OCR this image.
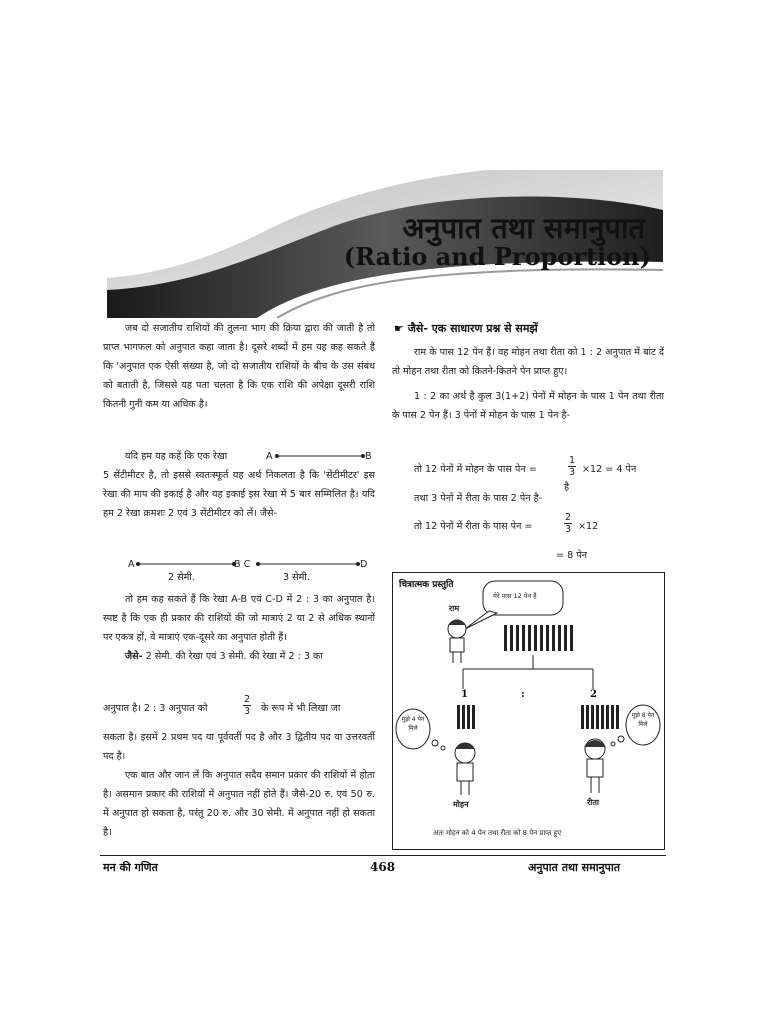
अनुपात तथा समानुपात
(Ratio and Proportion)

जब दो सजातीय राशियों की तुलना भाग की क्रिया द्वारा की जाती है तो प्राप्त भागफल को अनुपात कहा जाता है। दूसरे शब्दों में हम यह कह सकते हैं कि 'अनुपात एक ऐसी संख्या है, जो दो सजातीय राशियों के बीच के उस संबंध को बताती है, जिससे यह पता चलता है कि एक राशि की अपेक्षा दूसरी राशि कितनी गुनी कम या अधिक है।

यदि हम यह कहें कि एक रेखा	A	B

5 सेंटीमीटर है, तो इससे स्वतःस्फूर्त यह अर्थ निकलता है कि 'सेंटीमीटर' इस रेखा की माप की इकाई है और यह इकाई इस रेखा में 5 बार सम्मिलित है। यदि हम 2 रेखा क्रमशः 2 एवं 3 सेंटीमीटर को लें। जैसे-

A	B C	D
2 सेमी.	3 सेमी.

तो हम कह सकते हैं कि रेखा A-B एवं C-D में 2 : 3 का अनुपात है। स्पष्ट है कि एक ही प्रकार की राशियों की जो मात्राएं 2 या 2 से अधिक स्थानों पर एकत्र हों, वे मात्राएं एक-दूसरे का अनुपात होती हैं।

जैसे- 2 सेमी. की रेखा एवं 3 सेमी. की रेखा में 2 : 3 का

अनुपात है। 2 : 3 अनुपात को	$\frac{2}{3}$ के रूप में भी लिखा जा

सकता है। इसमें 2 प्रथम पद या पूर्ववर्ती पद है और 3 द्वितीय पद या उत्तरवर्ती पद है।

एक बात और जान लें कि अनुपात सदैव समान प्रकार की राशियों में होता है। असमान प्रकार की राशियों में अनुपात नहीं होते हैं। जैसे-20 रु. एवं 50 रु. में अनुपात हो सकता है, परंतु 20 रु. और 30 सेमी. में अनुपात नहीं हो सकता है।

☛ जैसे- एक साधारण प्रश्न से समझें

राम के पास 12 पेन हैं। वह मोहन तथा रीता को 1 : 2 अनुपात में बांट दें तो मोहन तथा रीता को कितने-कितने पेन प्राप्त हुए।

1 : 2 का अर्थ है कुल 3(1+2) पेनों में मोहन के पास 1 पेन तथा रीता के पास 2 पेन हैं। 3 पेनों में मोहन के पास 1 पेन है-

तो 12 पेनों में मोहन के पास पेन =	$\frac{1}{3} \times 12 = 4$ पेन
है
तथा 3 पेनों में रीता के पास 2 पेन है-
तो 12 पेनों में रीता के पास पेन =	$\frac{2}{3} \times 12$
= 8 पेन
चित्रात्मक प्रस्तुति
मेरे पास 12 पेन है
राम
1	:	2
मुझे 4 पेन मिले
मुझे 8 पेन मिले
मोहन	रीता
अतः मोहन को 4 पेन तथा रीता को 8 पेन प्राप्त हुए
मन की गणित	468	अनुपात तथा समानुपात
